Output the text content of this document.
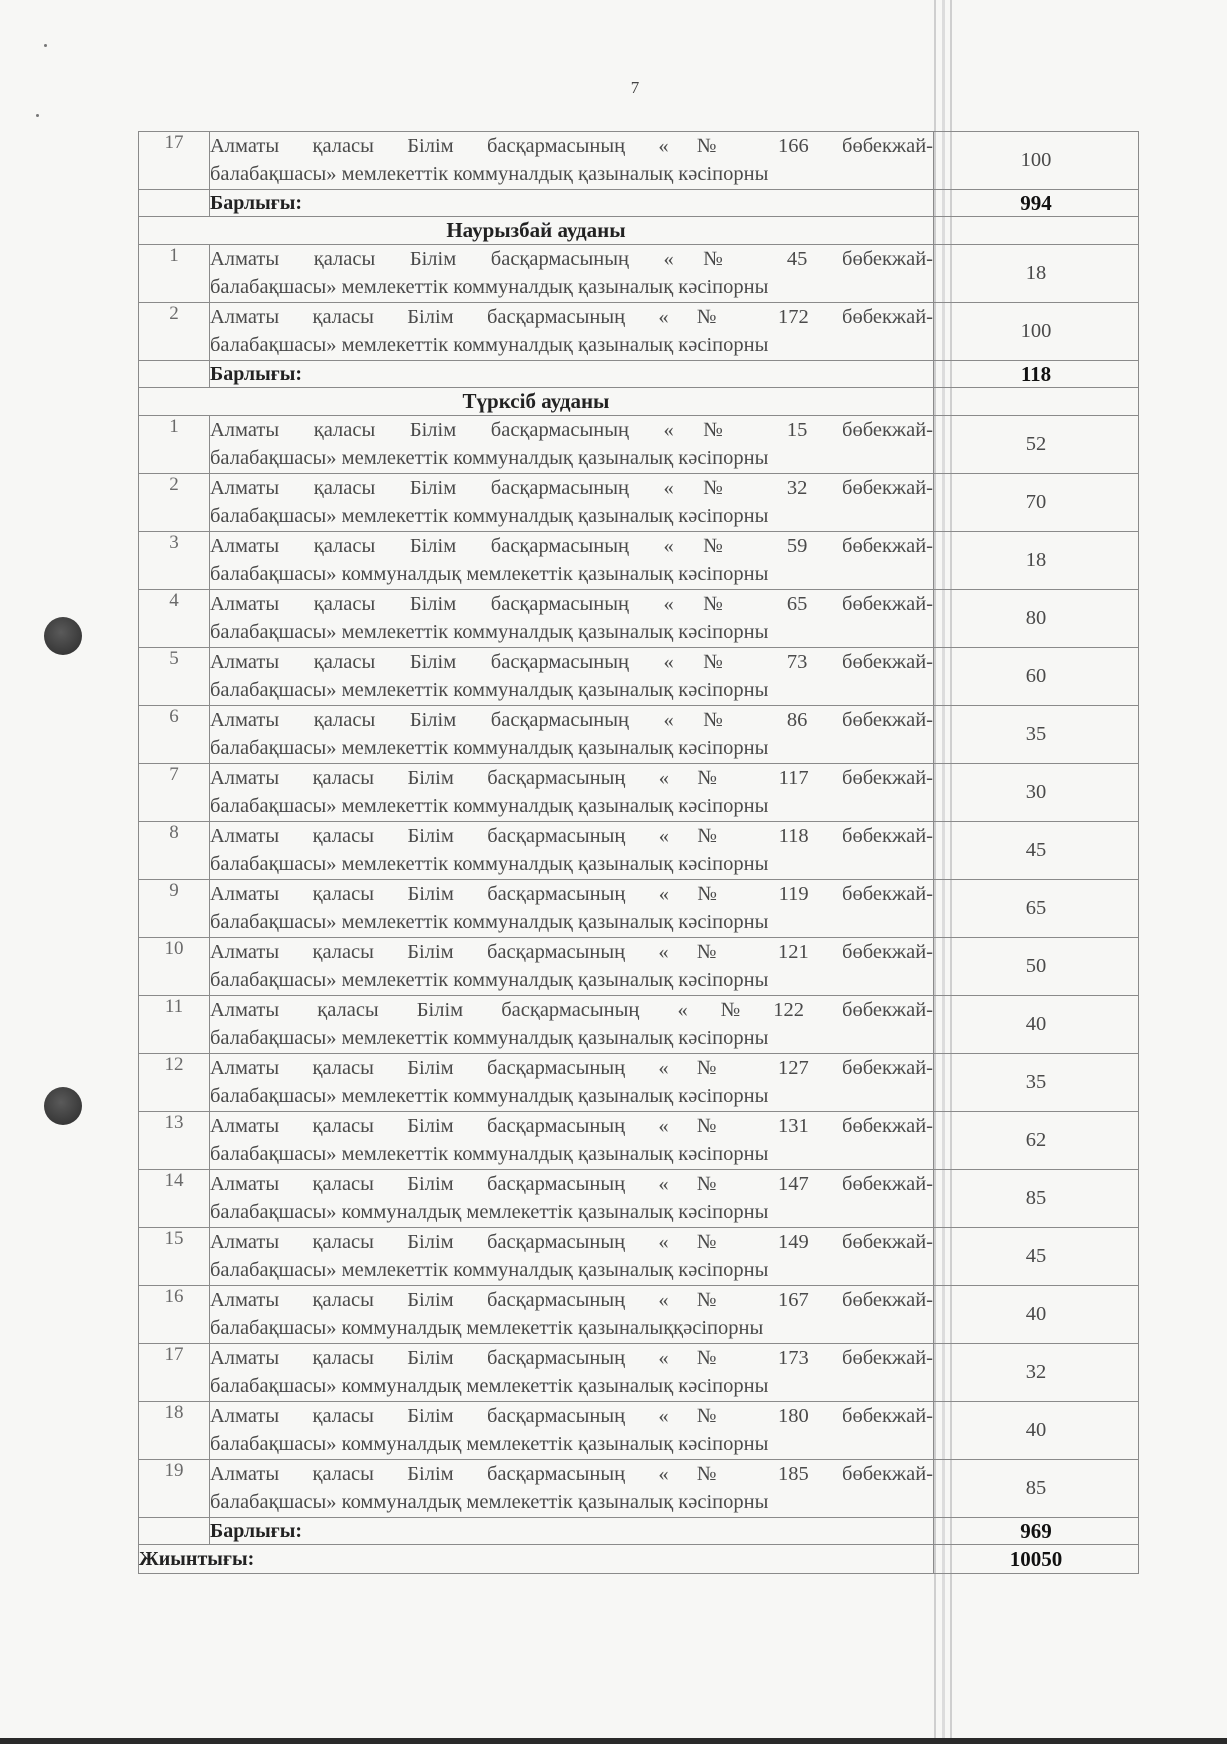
7
17	Алматы қаласы Білім басқармасының «№ 166 бөбекжай-
балабақшасы» мемлекеттік коммуналдық қазыналық кәсіпорны	100
	Барлығы:	994
Наурызбай ауданы		
1	Алматы қаласы Білім басқармасының «№ 45 бөбекжай-
балабақшасы» мемлекеттік коммуналдық қазыналық кәсіпорны	18
2	Алматы қаласы Білім басқармасының «№ 172 бөбекжай-
балабақшасы» мемлекеттік коммуналдық қазыналық кәсіпорны	100
	Барлығы:	118
Түрксіб ауданы		
1	Алматы қаласы Білім басқармасының «№ 15 бөбекжай-
балабақшасы» мемлекеттік коммуналдық қазыналық кәсіпорны	52
2	Алматы қаласы Білім басқармасының «№ 32 бөбекжай-
балабақшасы» мемлекеттік коммуналдық қазыналық кәсіпорны	70
3	Алматы қаласы Білім басқармасының «№ 59 бөбекжай-
балабақшасы» коммуналдық мемлекеттік қазыналық кәсіпорны	18
4	Алматы қаласы Білім басқармасының «№ 65 бөбекжай-
балабақшасы» мемлекеттік коммуналдық қазыналық кәсіпорны	80
5	Алматы қаласы Білім басқармасының «№ 73 бөбекжай-
балабақшасы» мемлекеттік коммуналдық қазыналық кәсіпорны	60
6	Алматы қаласы Білім басқармасының «№ 86 бөбекжай-
балабақшасы» мемлекеттік коммуналдық қазыналық кәсіпорны	35
7	Алматы қаласы Білім басқармасының «№ 117 бөбекжай-
балабақшасы» мемлекеттік коммуналдық қазыналық кәсіпорны	30
8	Алматы қаласы Білім басқармасының «№ 118 бөбекжай-
балабақшасы» мемлекеттік коммуналдық қазыналық кәсіпорны	45
9	Алматы қаласы Білім басқармасының «№ 119 бөбекжай-
балабақшасы» мемлекеттік коммуналдық қазыналық кәсіпорны	65
10	Алматы қаласы Білім басқармасының «№ 121 бөбекжай-
балабақшасы» мемлекеттік коммуналдық қазыналық кәсіпорны	50
11	Алматы қаласы Білім басқармасының «№122 бөбекжай-
балабақшасы» мемлекеттік коммуналдық қазыналық кәсіпорны	40
12	Алматы қаласы Білім басқармасының «№ 127 бөбекжай-
балабақшасы» мемлекеттік коммуналдық қазыналық кәсіпорны	35
13	Алматы қаласы Білім басқармасының «№ 131 бөбекжай-
балабақшасы» мемлекеттік коммуналдық қазыналық кәсіпорны	62
14	Алматы қаласы Білім басқармасының «№ 147 бөбекжай-
балабақшасы» коммуналдық мемлекеттік қазыналық кәсіпорны	85
15	Алматы қаласы Білім басқармасының «№ 149 бөбекжай-
балабақшасы» мемлекеттік коммуналдық қазыналық кәсіпорны	45
16	Алматы қаласы Білім басқармасының «№ 167 бөбекжай-
балабақшасы» коммуналдық мемлекеттік қазыналыққәсіпорны	40
17	Алматы қаласы Білім басқармасының «№ 173 бөбекжай-
балабақшасы» коммуналдық мемлекеттік қазыналық кәсіпорны	32
18	Алматы қаласы Білім басқармасының «№ 180 бөбекжай-
балабақшасы» коммуналдық мемлекеттік қазыналық кәсіпорны	40
19	Алматы қаласы Білім басқармасының «№ 185 бөбекжай-
балабақшасы» коммуналдық мемлекеттік қазыналық кәсіпорны	85
	Барлығы:	969
Жиынтығы:		10050
